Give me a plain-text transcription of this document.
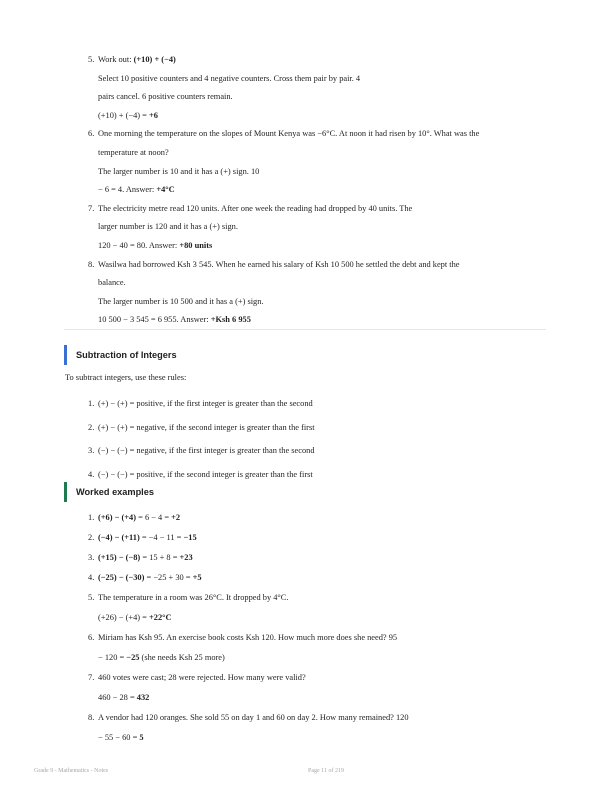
5. Work out: (+10) + (−4)
Select 10 positive counters and 4 negative counters. Cross them pair by pair. 4
pairs cancel. 6 positive counters remain.
(+10) + (−4) = +6
6. One morning the temperature on the slopes of Mount Kenya was −6°C. At noon it had risen by 10°. What was the
temperature at noon?
The larger number is 10 and it has a (+) sign. 10
− 6 = 4. Answer: +4°C
7. The electricity metre read 120 units. After one week the reading had dropped by 40 units. The
larger number is 120 and it has a (+) sign.
120 − 40 = 80. Answer: +80 units
8. Wasilwa had borrowed Ksh 3 545. When he earned his salary of Ksh 10 500 he settled the debt and kept the
balance.
The larger number is 10 500 and it has a (+) sign.
10 500 − 3 545 = 6 955. Answer: +Ksh 6 955
Subtraction of Integers
To subtract integers, use these rules:
1. (+) − (+) = positive, if the first integer is greater than the second
2. (+) − (+) = negative, if the second integer is greater than the first
3. (−) − (−) = negative, if the first integer is greater than the second
4. (−) − (−) = positive, if the second integer is greater than the first
Worked examples
1. (+6) − (+4) = 6 − 4 = +2
2. (−4) − (+11) = −4 − 11 = −15
3. (+15) − (−8) = 15 + 8 = +23
4. (−25) − (−30) = −25 + 30 = +5
5. The temperature in a room was 26°C. It dropped by 4°C.
(+26) − (+4) = +22°C
6. Miriam has Ksh 95. An exercise book costs Ksh 120. How much more does she need? 95
− 120 = −25 (she needs Ksh 25 more)
7. 460 votes were cast; 28 were rejected. How many were valid?
460 − 28 = 432
8. A vendor had 120 oranges. She sold 55 on day 1 and 60 on day 2. How many remained? 120
− 55 − 60 = 5
Grade 9 - Mathematics - Notes	Page 11 of 219
